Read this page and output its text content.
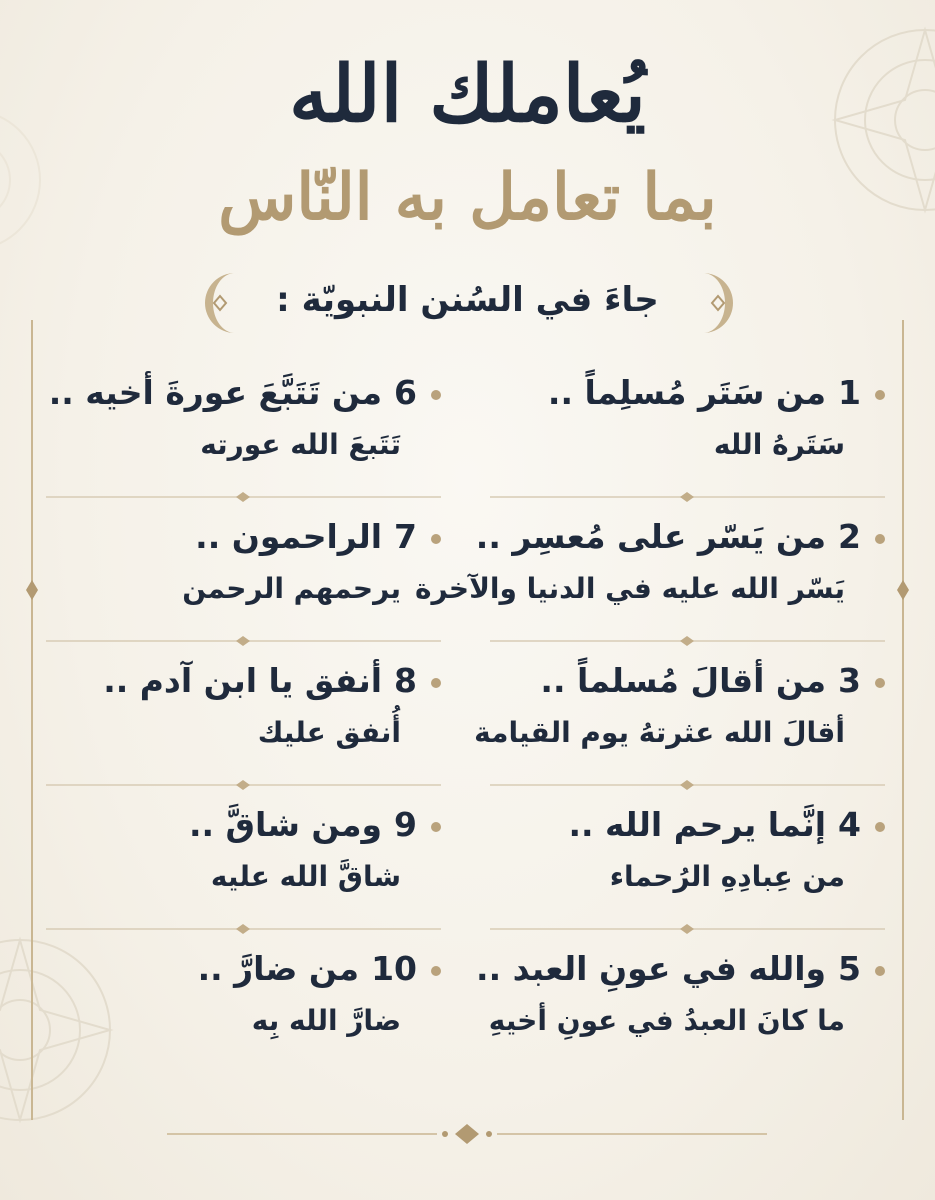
يُعاملك الله
بما تعامل به النّاس
جاءَ في السُنن النبويّة :
1من سَتَر مُسلِماً ..
سَتَرهُ الله
2من يَسّر على مُعسِر ..
يَسّر الله عليه في الدنيا والآخرة
3من أقالَ مُسلماً ..
أقالَ الله عثرتهُ يوم القيامة
4إنَّما يرحم الله ..
من عِبادِهِ الرُحماء
5والله في عونِ العبد ..
ما كانَ العبدُ في عونِ أخيهِ
6من تَتَبَّعَ عورةَ أخيه ..
تَتَبعَ الله عورته
7الراحمون ..
يرحمهم الرحمن
8أنفق يا ابن آدم ..
أُنفق عليك
9ومن شاقَّ ..
شاقَّ الله عليه
10من ضارَّ ..
ضارَّ الله بِه
